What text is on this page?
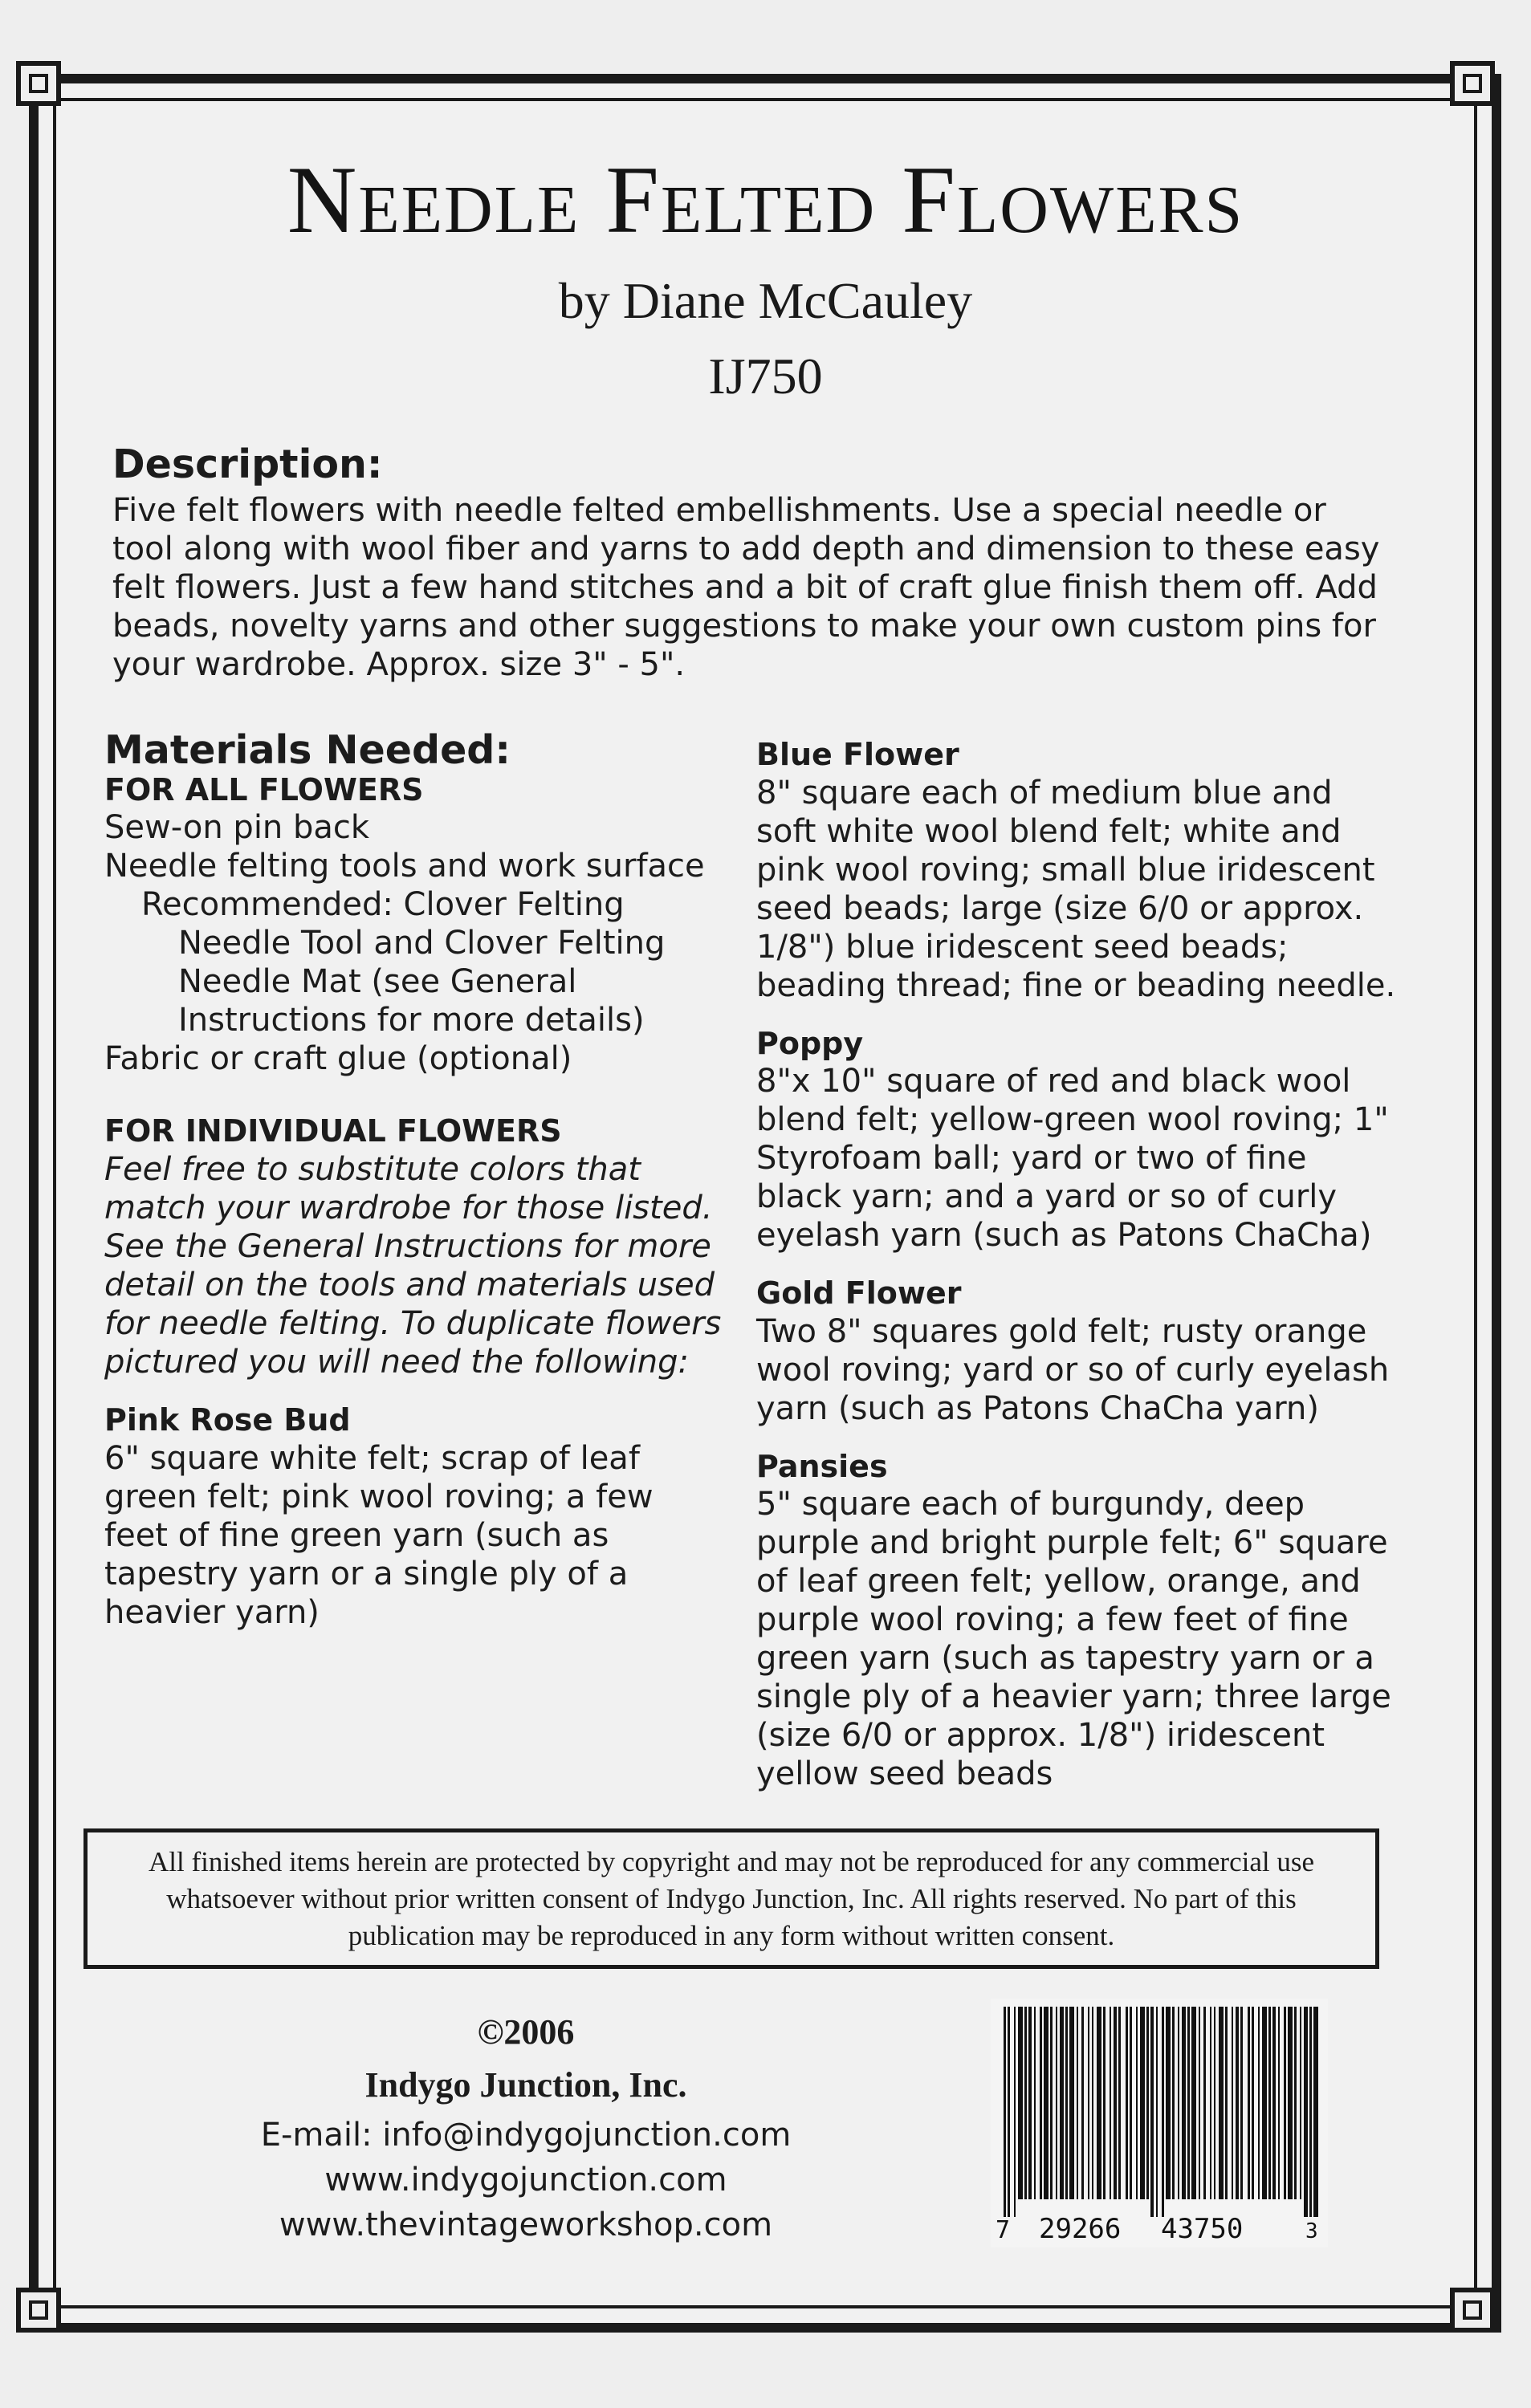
Needle Felted Flowers
by Diane McCauley
IJ750
Description:
Five felt flowers with needle felted embellishments. Use a special needle or tool along with wool fiber and yarns to add depth and dimension to these easy felt flowers. Just a few hand stitches and a bit of craft glue finish them off. Add beads, novelty yarns and other suggestions to make your own custom pins for your wardrobe. Approx. size 3" - 5".
Materials Needed:
FOR ALL FLOWERS
Sew-on pin back
Needle felting tools and work surface
Recommended: Clover Felting
Needle Tool and Clover Felting
Needle Mat (see General
Instructions for more details)
Fabric or craft glue (optional)
FOR INDIVIDUAL FLOWERS
Feel free to substitute colors that match your wardrobe for those listed. See the General Instructions for more detail on the tools and materials used for needle felting. To duplicate flowers pictured you will need the following:
Pink Rose Bud
6" square white felt; scrap of leaf green felt; pink wool roving; a few feet of fine green yarn (such as tapestry yarn or a single ply of a heavier yarn)
Blue Flower
8" square each of medium blue and soft white wool blend felt; white and pink wool roving; small blue iridescent seed beads; large (size 6/0 or approx. 1/8") blue iridescent seed beads; beading thread; fine or beading needle.
Poppy
8"x 10" square of red and black wool blend felt; yellow-green wool roving; 1" Styrofoam ball; yard or two of fine black yarn; and a yard or so of curly eyelash yarn (such as Patons ChaCha)
Gold Flower
Two 8" squares gold felt; rusty orange wool roving; yard or so of curly eyelash yarn (such as Patons ChaCha yarn)
Pansies
5" square each of burgundy, deep purple and bright purple felt; 6" square of leaf green felt; yellow, orange, and purple wool roving; a few feet of fine green yarn (such as tapestry yarn or a single ply of a heavier yarn; three large (size 6/0 or approx. 1/8") iridescent yellow seed beads
All finished items herein are protected by copyright and may not be reproduced for any commercial use whatsoever without prior written consent of Indygo Junction, Inc. All rights reserved. No part of this publication may be reproduced in any form without written consent.
©2006
Indygo Junction, Inc.
E-mail: info@indygojunction.com
www.indygojunction.com
www.thevintageworkshop.com	7 29266 43750	3
